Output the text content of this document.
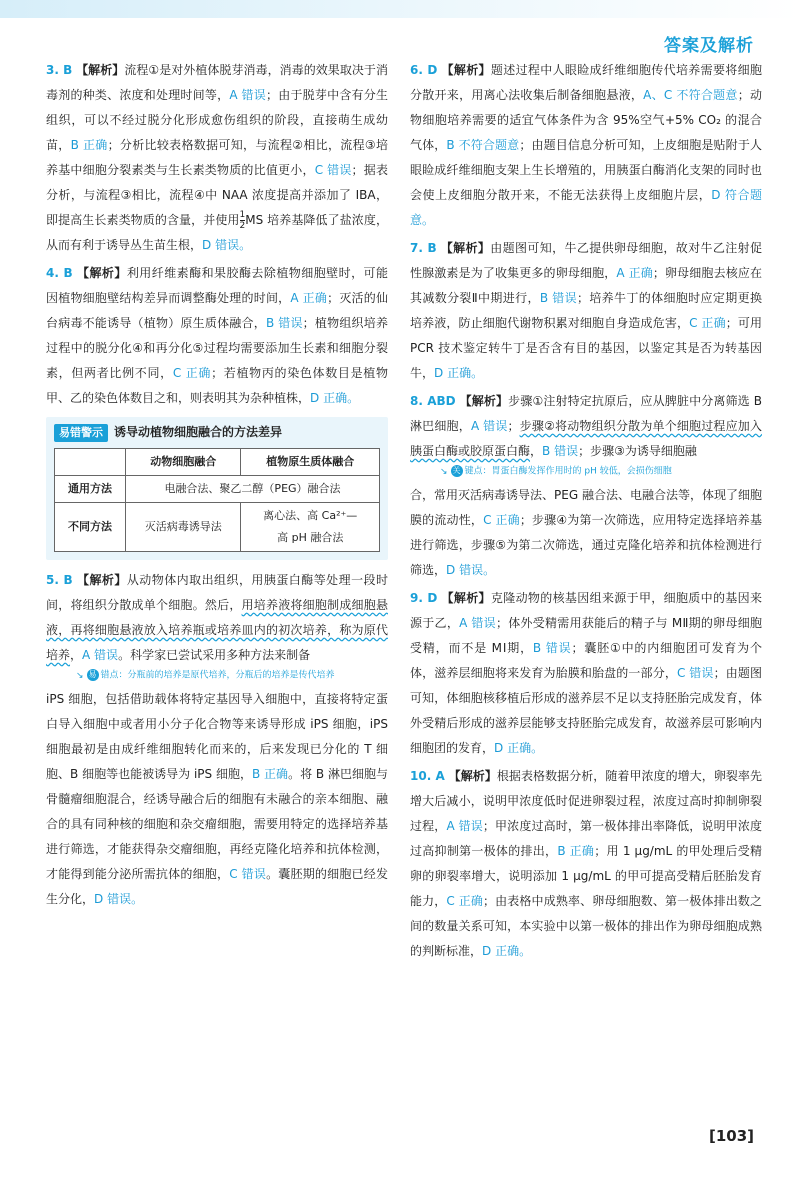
答案及解析

3. B 【解析】流程①是对外植体脱芽消毒，消毒的效果取决于消毒剂的种类、浓度和处理时间等，A 错误；由于脱芽中含有分生组织，可以不经过脱分化形成愈伤组织的阶段，直接萌生成幼苗，B 正确；分析比较表格数据可知，与流程②相比，流程③培养基中细胞分裂素类与生长素类物质的比值更小，C 错误；据表分析，与流程③相比，流程④中 NAA 浓度提高并添加了 IBA，即提高生长素类物质的含量，并使用 $\frac{1}{2}$ MS 培养基降低了盐浓度，从而有利于诱导丛生苗生根，D 错误。

4. B 【解析】利用纤维素酶和果胶酶去除植物细胞壁时，可能因植物细胞壁结构差异而调整酶处理的时间，A 正确；灭活的仙台病毒不能诱导（植物）原生质体融合，B 错误；植物组织培养过程中的脱分化④和再分化⑤过程均需要添加生长素和细胞分裂素，但两者比例不同，C 正确；若植物丙的染色体数目是植物甲、乙的染色体数目之和，则表明其为杂种植株，D 正确。

易错警示 诱导动植物细胞融合的方法差异
	动物细胞融合	植物原生质体融合
通用方法	电融合法、聚乙二醇（PEG）融合法	
不同方法	灭活病毒诱导法	离心法、高 Ca²⁺—
高 pH 融合法

5. B 【解析】从动物体内取出组织，用胰蛋白酶等处理一段时间，将组织分散成单个细胞。然后，用培养液将细胞制成细胞悬液，再将细胞悬液放入培养瓶或培养皿内的初次培养，称为原代培养，A 错误。科学家已尝试采用多种方法来制备

↘ 易 错点：分瓶前的培养是原代培养，分瓶后的培养是传代培养

iPS 细胞，包括借助载体将特定基因导入细胞中，直接将特定蛋白导入细胞中或者用小分子化合物等来诱导形成 iPS 细胞，iPS 细胞最初是由成纤维细胞转化而来的，后来发现已分化的 T 细胞、B 细胞等也能被诱导为 iPS 细胞，B 正确。将 B 淋巴细胞与骨髓瘤细胞混合，经诱导融合后的细胞有未融合的亲本细胞、融合的具有同种核的细胞和杂交瘤细胞，需要用特定的选择培养基进行筛选，才能获得杂交瘤细胞，再经克隆化培养和抗体检测，才能得到能分泌所需抗体的细胞，C 错误。囊胚期的细胞已经发生分化，D 错误。

6. D 【解析】题述过程中人眼睑成纤维细胞传代培养需要将细胞分散开来，用离心法收集后制备细胞悬液，A、C 不符合题意；动物细胞培养需要的适宜气体条件为含 95%空气+5% CO₂ 的混合气体，B 不符合题意；由题目信息分析可知，上皮细胞是贴附于人眼睑成纤维细胞支架上生长增殖的，用胰蛋白酶消化支架的同时也会使上皮细胞分散开来，不能无法获得上皮细胞片层，D 符合题意。

7. B 【解析】由题图可知，牛乙提供卵母细胞，故对牛乙注射促性腺激素是为了收集更多的卵母细胞，A 正确；卵母细胞去核应在其减数分裂Ⅱ中期进行，B 错误；培养牛丁的体细胞时应定期更换培养液，防止细胞代谢物积累对细胞自身造成危害，C 正确；可用 PCR 技术鉴定转牛丁是否含有目的基因，以鉴定其是否为转基因牛，D 正确。

8. ABD 【解析】步骤①注射特定抗原后，应从脾脏中分离筛选 B 淋巴细胞，A 错误；步骤②将动物组织分散为单个细胞过程应加入胰蛋白酶或胶原蛋白酶，B 错误；步骤③为诱导细胞融

↘ 关 键点：胃蛋白酶发挥作用时的 pH 较低，会损伤细胞

合，常用灭活病毒诱导法、PEG 融合法、电融合法等，体现了细胞膜的流动性，C 正确；步骤④为第一次筛选，应用特定选择培养基进行筛选，步骤⑤为第二次筛选，通过克隆化培养和抗体检测进行筛选，D 错误。

9. D 【解析】克隆动物的核基因组来源于甲，细胞质中的基因来源于乙，A 错误；体外受精需用获能后的精子与 MⅡ期的卵母细胞受精，而不是 MⅠ期，B 错误；囊胚①中的内细胞团可发育为个体，滋养层细胞将来发育为胎膜和胎盘的一部分，C 错误；由题图可知，体细胞核移植后形成的滋养层不足以支持胚胎完成发育，体外受精后形成的滋养层能够支持胚胎完成发育，故滋养层可影响内细胞团的发育，D 正确。

10. A 【解析】根据表格数据分析，随着甲浓度的增大，卵裂率先增大后减小，说明甲浓度低时促进卵裂过程，浓度过高时抑制卵裂过程，A 错误；甲浓度过高时，第一极体排出率降低，说明甲浓度过高抑制第一极体的排出，B 正确；用 1 μg/mL 的甲处理后受精卵的卵裂率增大，说明添加 1 μg/mL 的甲可提高受精后胚胎发育能力，C 正确；由表格中成熟率、卵母细胞数、第一极体排出数之间的数量关系可知，本实验中以第一极体的排出作为卵母细胞成熟的判断标准，D 正确。

[103]
